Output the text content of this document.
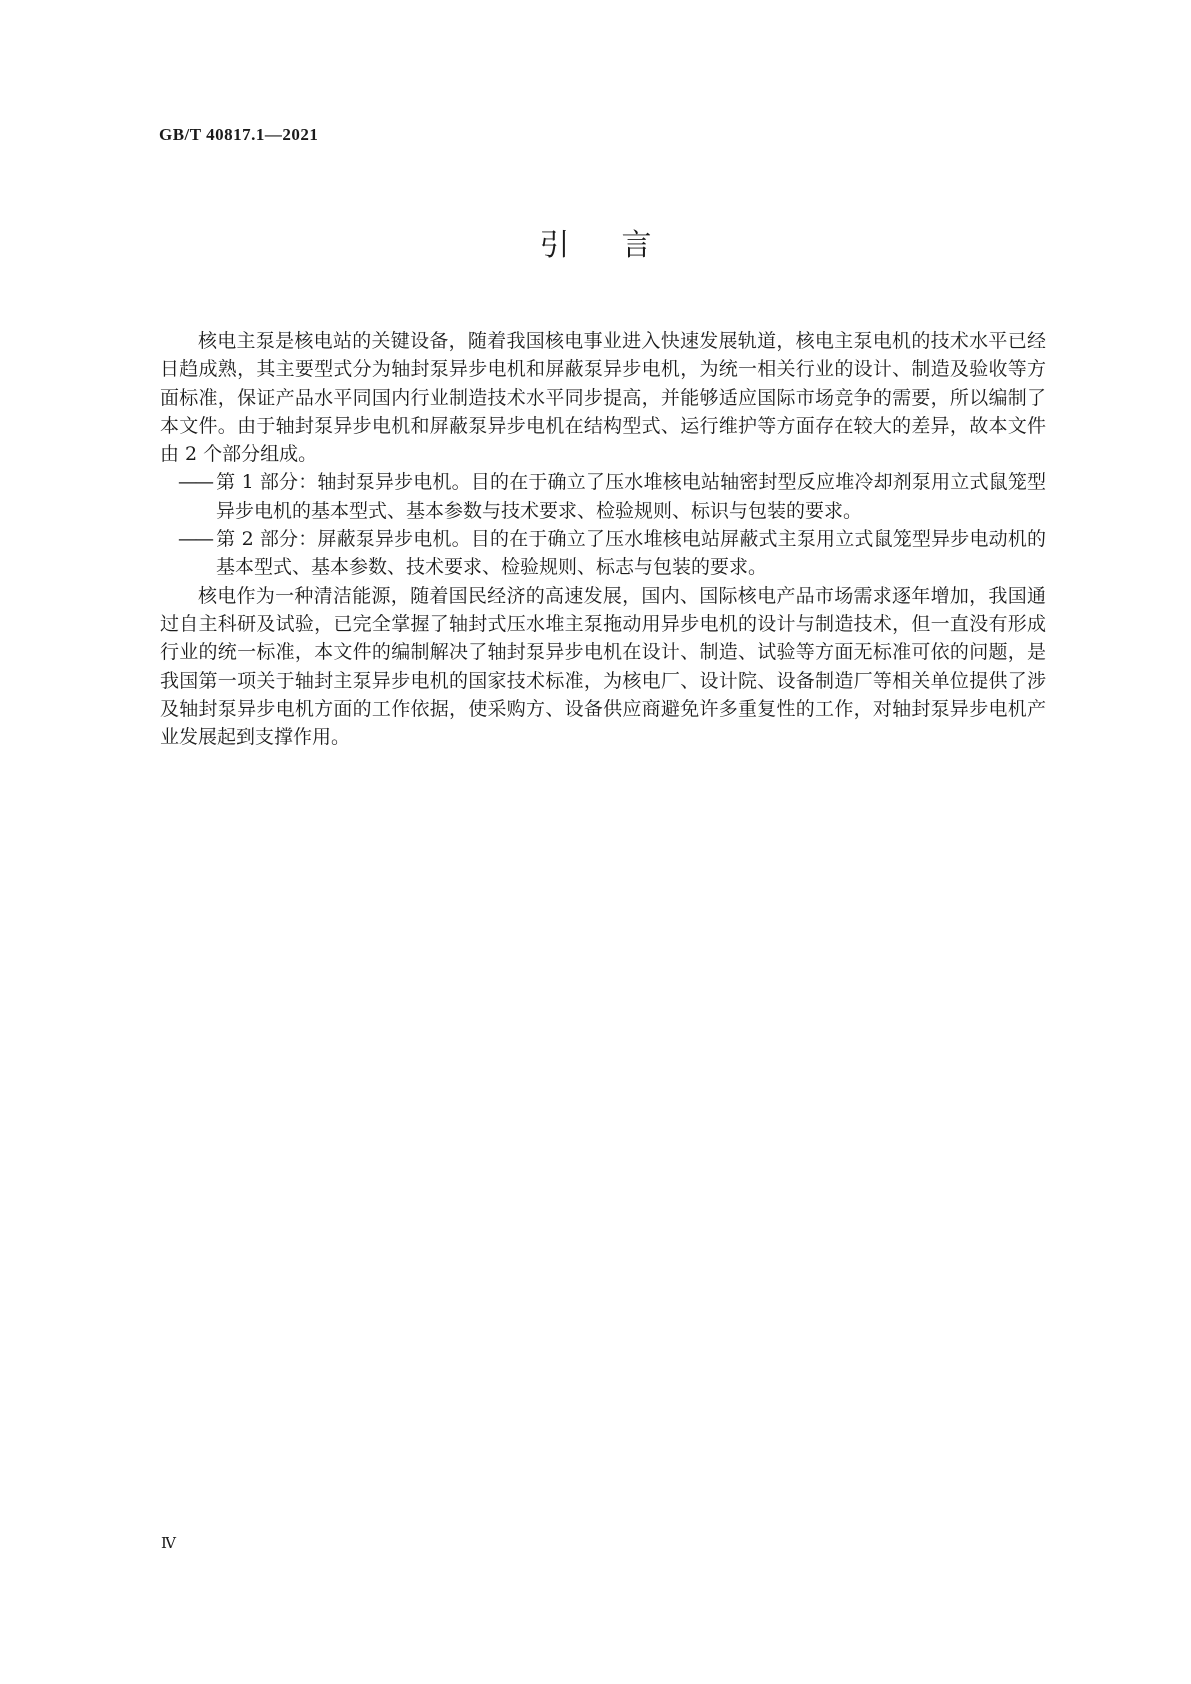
GB/T 40817.1—2021
引言

核电主泵是核电站的关键设备，随着我国核电事业进入快速发展轨道，核电主泵电机的技术水平已经日趋成熟，其主要型式分为轴封泵异步电机和屏蔽泵异步电机，为统一相关行业的设计、制造及验收等方面标准，保证产品水平同国内行业制造技术水平同步提高，并能够适应国际市场竞争的需要，所以编制了本文件。由于轴封泵异步电机和屏蔽泵异步电机在结构型式、运行维护等方面存在较大的差异，故本文件由 2 个部分组成。

—— 第 1 部分：轴封泵异步电机。目的在于确立了压水堆核电站轴密封型反应堆冷却剂泵用立式鼠笼型异步电机的基本型式、基本参数与技术要求、检验规则、标识与包装的要求。

—— 第 2 部分：屏蔽泵异步电机。目的在于确立了压水堆核电站屏蔽式主泵用立式鼠笼型异步电动机的基本型式、基本参数、技术要求、检验规则、标志与包装的要求。

核电作为一种清洁能源，随着国民经济的高速发展，国内、国际核电产品市场需求逐年增加，我国通过自主科研及试验，已完全掌握了轴封式压水堆主泵拖动用异步电机的设计与制造技术，但一直没有形成行业的统一标准，本文件的编制解决了轴封泵异步电机在设计、制造、试验等方面无标准可依的问题，是我国第一项关于轴封主泵异步电机的国家技术标准，为核电厂、设计院、设备制造厂等相关单位提供了涉及轴封泵异步电机方面的工作依据，使采购方、设备供应商避免许多重复性的工作，对轴封泵异步电机产业发展起到支撑作用。

Ⅳ
